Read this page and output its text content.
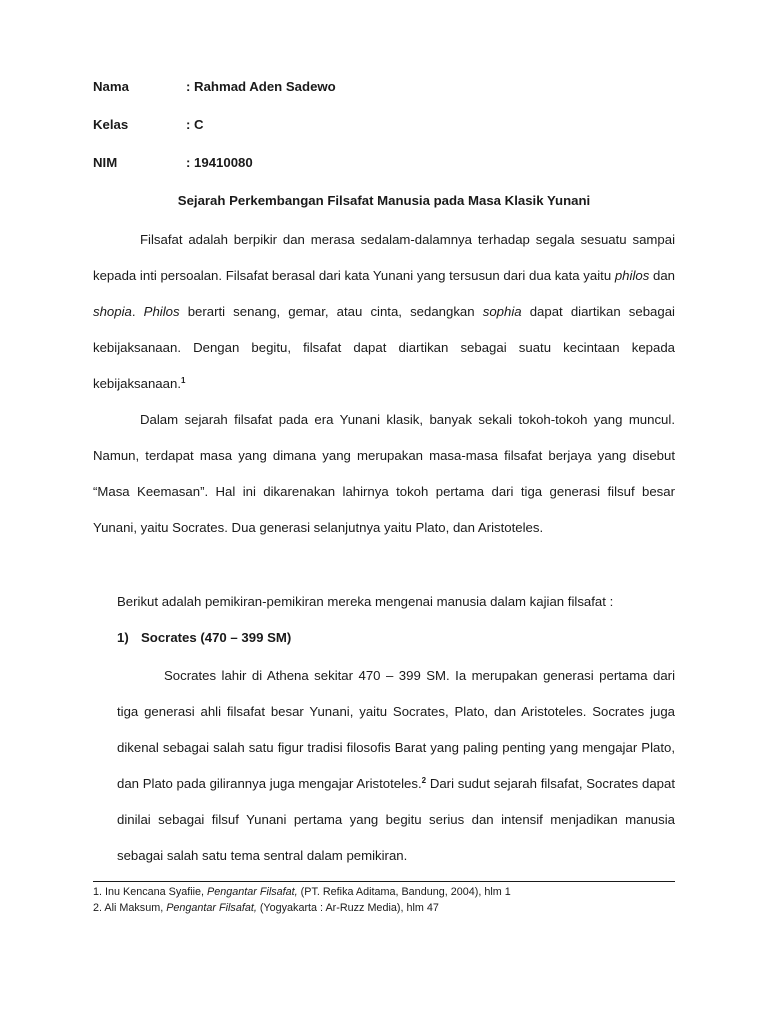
Nama	: Rahmad Aden Sadewo
Kelas	: C
NIM	: 19410080
Sejarah Perkembangan Filsafat Manusia pada Masa Klasik Yunani

Filsafat adalah berpikir dan merasa sedalam-dalamnya terhadap segala sesuatu sampai kepada inti persoalan. Filsafat berasal dari kata Yunani yang tersusun dari dua kata yaitu philos dan shopia. Philos berarti senang, gemar, atau cinta, sedangkan sophia dapat diartikan sebagai kebijaksanaan. Dengan begitu, filsafat dapat diartikan sebagai suatu kecintaan kepada kebijaksanaan.$^1$

Dalam sejarah filsafat pada era Yunani klasik, banyak sekali tokoh-tokoh yang muncul. Namun, terdapat masa yang dimana yang merupakan masa-masa filsafat berjaya yang disebut “Masa Keemasan”. Hal ini dikarenakan lahirnya tokoh pertama dari tiga generasi filsuf besar Yunani, yaitu Socrates. Dua generasi selanjutnya yaitu Plato, dan Aristoteles.

Berikut adalah pemikiran-pemikiran mereka mengenai manusia dalam kajian filsafat :
1) Socrates (470 – 399 SM)

Socrates lahir di Athena sekitar 470 – 399 SM. Ia merupakan generasi pertama dari tiga generasi ahli filsafat besar Yunani, yaitu Socrates, Plato, dan Aristoteles. Socrates juga dikenal sebagai salah satu figur tradisi filosofis Barat yang paling penting yang mengajar Plato, dan Plato pada gilirannya juga mengajar Aristoteles.$^2$ Dari sudut sejarah filsafat, Socrates dapat dinilai sebagai filsuf Yunani pertama yang begitu serius dan intensif menjadikan manusia sebagai salah satu tema sentral dalam pemikiran.

1. Inu Kencana Syafiie, Pengantar Filsafat, (PT. Refika Aditama, Bandung, 2004), hlm 1
2. Ali Maksum, Pengantar Filsafat, (Yogyakarta : Ar-Ruzz Media), hlm 47
